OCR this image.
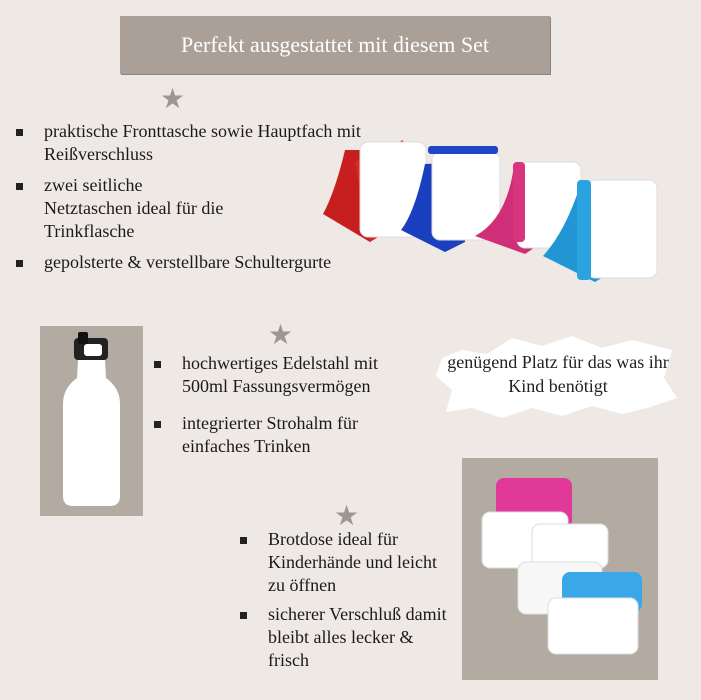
Perfekt ausgestattet mit diesem Set
★
★
★
praktische Fronttasche sowie Hauptfach mit Reißverschluss
zwei seitliche Netztaschen ideal für die Trinkflasche
gepolsterte & verstellbare Schultergurte
hochwertiges Edelstahl mit 500ml Fassungsvermögen
integrierter Strohalm für einfaches Trinken
genügend Platz für das was ihr Kind benötigt
Brotdose ideal für Kinderhände und leicht zu öffnen
sicherer Verschluß damit bleibt alles lecker & frisch
